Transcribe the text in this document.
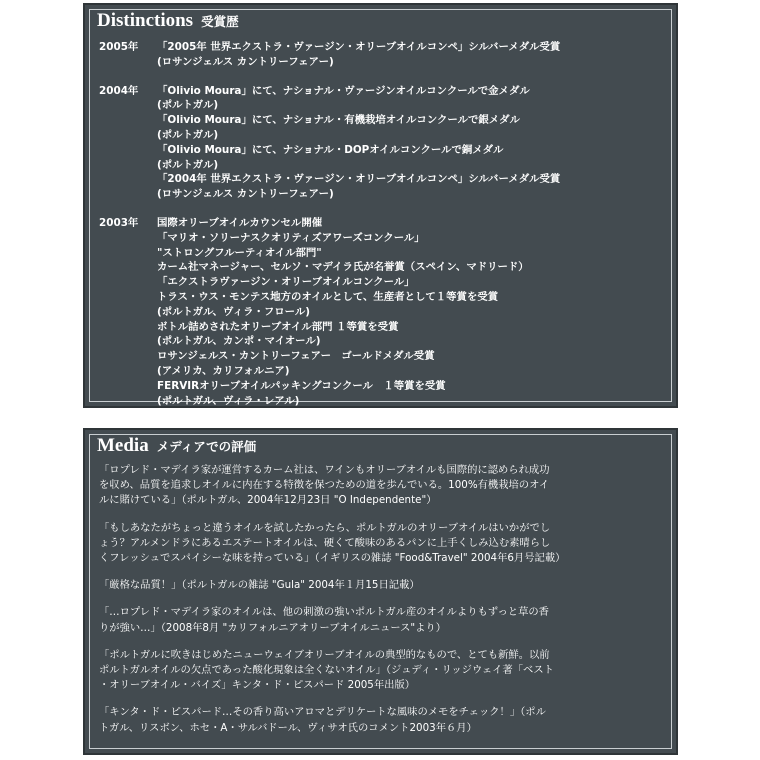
Distinctions 受賞歴
2005年	「2005年 世界エクストラ・ヴァージン・オリーブオイルコンペ」シルバーメダル受賞
(ロサンジェルス カントリーフェアー)
2004年	「Olivio Moura」にて、ナショナル・ヴァージンオイルコンクールで金メダル
(ポルトガル)
「Olivio Moura」にて、ナショナル・有機栽培オイルコンクールで銀メダル
(ポルトガル)
「Olivio Moura」にて、ナショナル・DOPオイルコンクールで銅メダル
(ポルトガル)
「2004年 世界エクストラ・ヴァージン・オリーブオイルコンペ」シルバーメダル受賞
(ロサンジェルス カントリーフェアー)
2003年	国際オリーブオイルカウンセル開催
「マリオ・ソリーナスクオリティズアワーズコンクール」
"ストロングフルーティオイル部門"
カーム社マネージャー、セルソ・マデイラ氏が名誉賞（スペイン、マドリード）
「エクストラヴァージン・オリーブオイルコンクール」
トラス・ウス・モンテス地方のオイルとして、生産者として１等賞を受賞
(ポルトガル、ヴィラ・フロール)
ボトル詰めされたオリーブオイル部門 １等賞を受賞
(ポルトガル、カンポ・マイオール)
ロサンジェルス・カントリーフェアー　ゴールドメダル受賞
(アメリカ、カリフォルニア)
FERVIRオリーブオイルパッキングコンクール　１等賞を受賞
(ポルトガル、ヴィラ・レアル)
Media メディアでの評価
「ロプレド・マデイラ家が運営するカーム社は、ワインもオリーブオイルも国際的に認められ成功
を収め、品質を追求しオイルに内在する特徴を保つための道を歩んでいる。100%有機栽培のオイ
ルに賭けている」（ポルトガル、2004年12月23日 "O Independente"）
「もしあなたがちょっと違うオイルを試したかったら、ポルトガルのオリーブオイルはいかがでし
ょう？アルメンドラにあるエステートオイルは、硬くて酸味のあるパンに上手くしみ込む素晴らし
くフレッシュでスパイシーな味を持っている」（イギリスの雑誌 "Food&Travel" 2004年6月号記載）
「厳格な品質！」（ポルトガルの雑誌 "Gula" 2004年１月15日記載）
「…ロプレド・マデイラ家のオイルは、他の刺激の強いポルトガル産のオイルよりもずっと草の香
りが強い…」（2008年8月 "カリフォルニアオリーブオイルニュース"より）
「ポルトガルに吹きはじめたニューウェイブオリーブオイルの典型的なもので、とても新鮮。以前
ポルトガルオイルの欠点であった酸化現象は全くないオイル」（ジュディ・リッジウェイ著「ベスト
・オリーブオイル・バイズ」キンタ・ド・ピスパード 2005年出版）
「キンタ・ド・ピスパード…その香り高いアロマとデリケートな風味のメモをチェック！」（ポル
トガル、リスボン、ホセ・A・サルバドール、ヴィサオ氏のコメント2003年６月）
